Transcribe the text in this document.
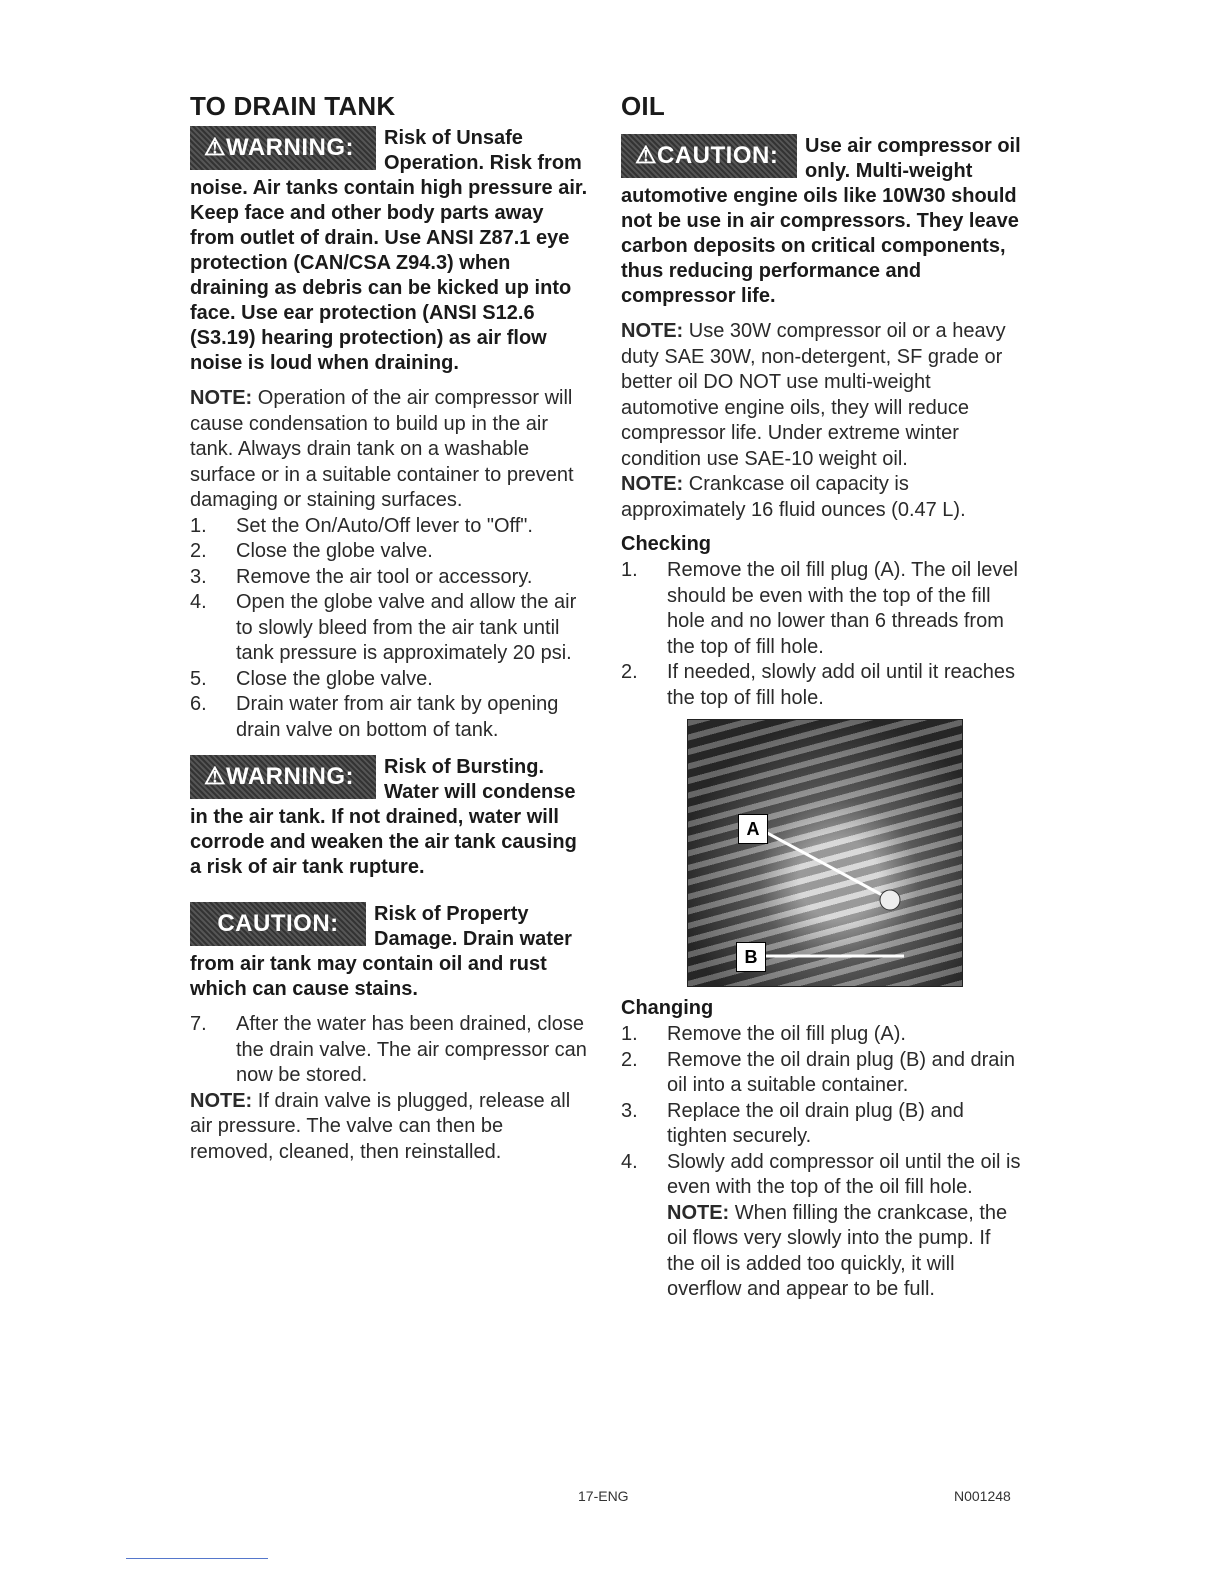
TO DRAIN TANK
⚠WARNING:	Risk of Unsafe Operation. Risk from noise. Air tanks contain high pressure air. Keep face and other body parts away from outlet of drain. Use ANSI Z87.1 eye protection (CAN/CSA Z94.3) when draining as debris can be kicked up into face. Use ear protection (ANSI S12.6 (S3.19) hearing protection) as air flow noise is loud when draining.

NOTE: Operation of the air compressor will cause condensation to build up in the air tank. Always drain tank on a washable surface or in a suitable container to prevent damaging or staining surfaces.

1. Set the On/Auto/Off lever to "Off".
2. Close the globe valve.
3. Remove the air tool or accessory.
4. Open the globe valve and allow the air to slowly bleed from the air tank until tank pressure is approximately 20 psi.
5. Close the globe valve.
6. Drain water from air tank by opening drain valve on bottom of tank.
⚠WARNING:	Risk of Bursting. Water will condense in the air tank. If not drained, water will corrode and weaken the air tank causing a risk of air tank rupture.
CAUTION:	Risk of Property Damage. Drain water from air tank may contain oil and rust which can cause stains.
7. After the water has been drained, close the drain valve. The air compressor can now be stored.

NOTE: If drain valve is plugged, release all air pressure. The valve can then be removed, cleaned, then reinstalled.

OIL
⚠CAUTION:	Use air compressor oil only. Multi-weight automotive engine oils like 10W30 should not be use in air compressors. They leave carbon deposits on critical components, thus reducing performance and compressor life.

NOTE: Use 30W compressor oil or a heavy duty SAE 30W, non-detergent, SF grade or better oil DO NOT use multi-weight automotive engine oils, they will reduce compressor life. Under extreme winter condition use SAE-10 weight oil.

NOTE: Crankcase oil capacity is approximately 16 fluid ounces (0.47 L).

Checking
1. Remove the oil fill plug (A). The oil level should be even with the top of the fill hole and no lower than 6 threads from the top of fill hole.
2. If needed, slowly add oil until it reaches the top of fill hole.
A
B
Changing
1. Remove the oil fill plug (A).
2. Remove the oil drain plug (B) and drain oil into a suitable container.
3. Replace the oil drain plug (B) and tighten securely.
4. Slowly add compressor oil until the oil is even with the top of the oil fill hole. NOTE: When filling the crankcase, the oil flows very slowly into the pump. If the oil is added too quickly, it will overflow and appear to be full.
17-ENG	N001248
